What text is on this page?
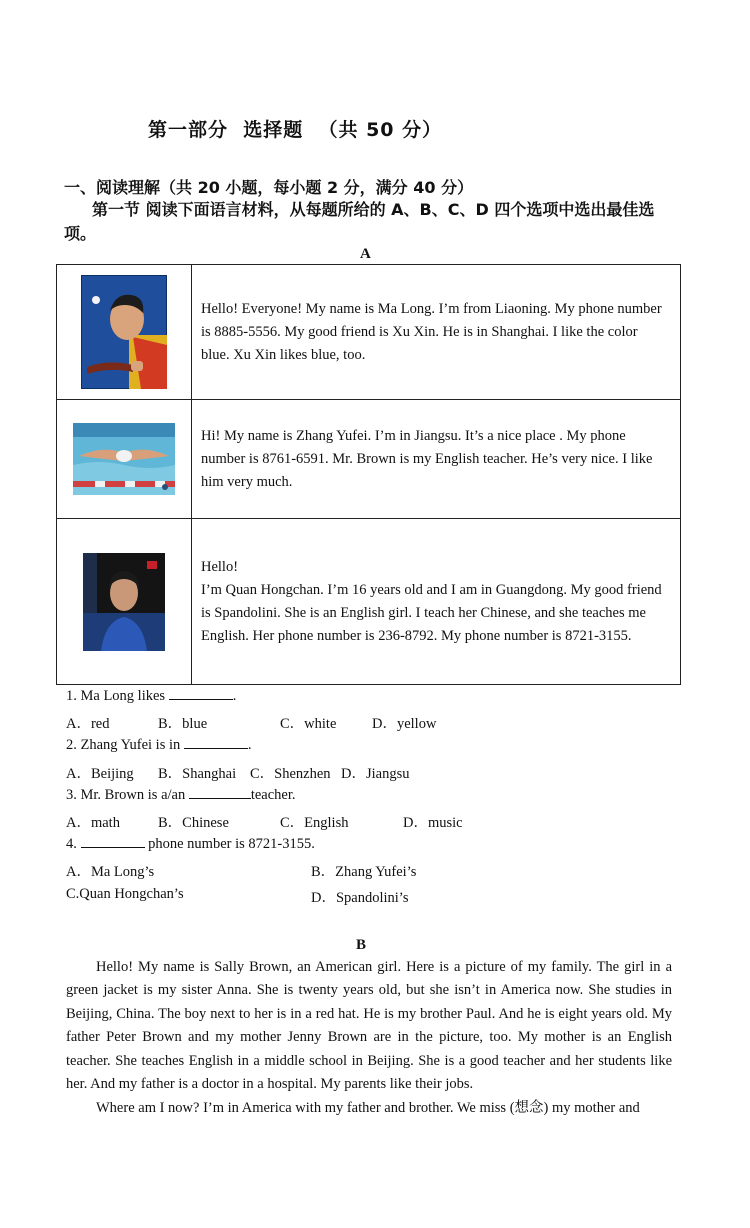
第一部分  选择题  （共 50 分）
一、阅读理解（共 20 小题，每小题 2 分，满分 40 分）
第一节 阅读下面语言材料，从每题所给的 A、B、C、D 四个选项中选出最佳选项。
A
	Hello! Everyone! My name is Ma Long. I’m from Liaoning. My phone number is 8885-5556. My good friend is Xu Xin. He is in Shanghai. I like the color blue. Xu Xin likes blue, too.

	Hi! My name is Zhang Yufei. I’m in Jiangsu. It’s a nice place . My phone number is 8761-6591. Mr. Brown is my English teacher. He’s very nice. I like him very much.

Hello!
I’m Quan Hongchan. I’m 16 years old and I am in Guangdong. My good friend is Spandolini. She is an English girl. I teach her Chinese, and she teaches me English. Her phone number is 236-8792. My phone number is 8721-3155.
1. Ma Long likes	.
A．red	B．blue	C．white D．yellow
2. Zhang Yufei is in	.
A．Beijing B．Shanghai C．Shenzhen D．Jiangsu
3. Mr. Brown is a/an	teacher.
A．math	B．Chinese	C．English	D．music
4.	phone number is 8721-3155.
A．Ma Long’s	B．Zhang Yufei’s
C.Quan Hongchan’s	D．Spandolini’s
B
Hello! My name is Sally Brown, an American girl. Here is a picture of my family. The girl in a green jacket is my sister Anna. She is twenty years old, but she isn’t in America now. She studies in Beijing, China. The boy next to her is in a red hat. He is my brother Paul. And he is eight years old. My father Peter Brown and my mother Jenny Brown are in the picture, too. My mother is an English teacher. She teaches English in a middle school in Beijing. She is a good teacher and her students like her. And my father is a doctor in a hospital. My parents like their jobs.
Where am I now? I’m in America with my father and brother. We miss (想念) my mother and
